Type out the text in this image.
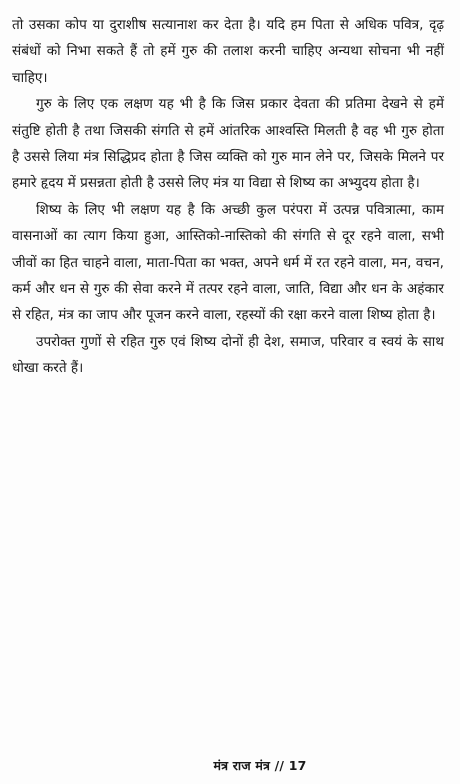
तो उसका कोप या दुराशीष सत्यानाश कर देता है। यदि हम पिता से अधिक पवित्र, दृढ़ संबंधों को निभा सकते हैं तो हमें गुरु की तलाश करनी चाहिए अन्यथा सोचना भी नहीं चाहिए।

गुरु के लिए एक लक्षण यह भी है कि जिस प्रकार देवता की प्रतिमा देखने से हमें संतुष्टि होती है तथा जिसकी संगति से हमें आंतरिक आश्वस्ति मिलती है वह भी गुरु होता है उससे लिया मंत्र सिद्धिप्रद होता है जिस व्यक्ति को गुरु मान लेने पर, जिसके मिलने पर हमारे हृदय में प्रसन्नता होती है उससे लिए मंत्र या विद्या से शिष्य का अभ्युदय होता है।

शिष्य के लिए भी लक्षण यह है कि अच्छी कुल परंपरा में उत्पन्न पवित्रात्मा, काम वासनाओं का त्याग किया हुआ, आस्तिको-नास्तिको की संगति से दूर रहने वाला, सभी जीवों का हित चाहने वाला, माता-पिता का भक्त, अपने धर्म में रत रहने वाला, मन, वचन, कर्म और धन से गुरु की सेवा करने में तत्पर रहने वाला, जाति, विद्या और धन के अहंकार से रहित, मंत्र का जाप और पूजन करने वाला, रहस्यों की रक्षा करने वाला शिष्य होता है।

उपरोक्त गुणों से रहित गुरु एवं शिष्य दोनों ही देश, समाज, परिवार व स्वयं के साथ धोखा करते हैं।

मंत्र राज मंत्र // 17
